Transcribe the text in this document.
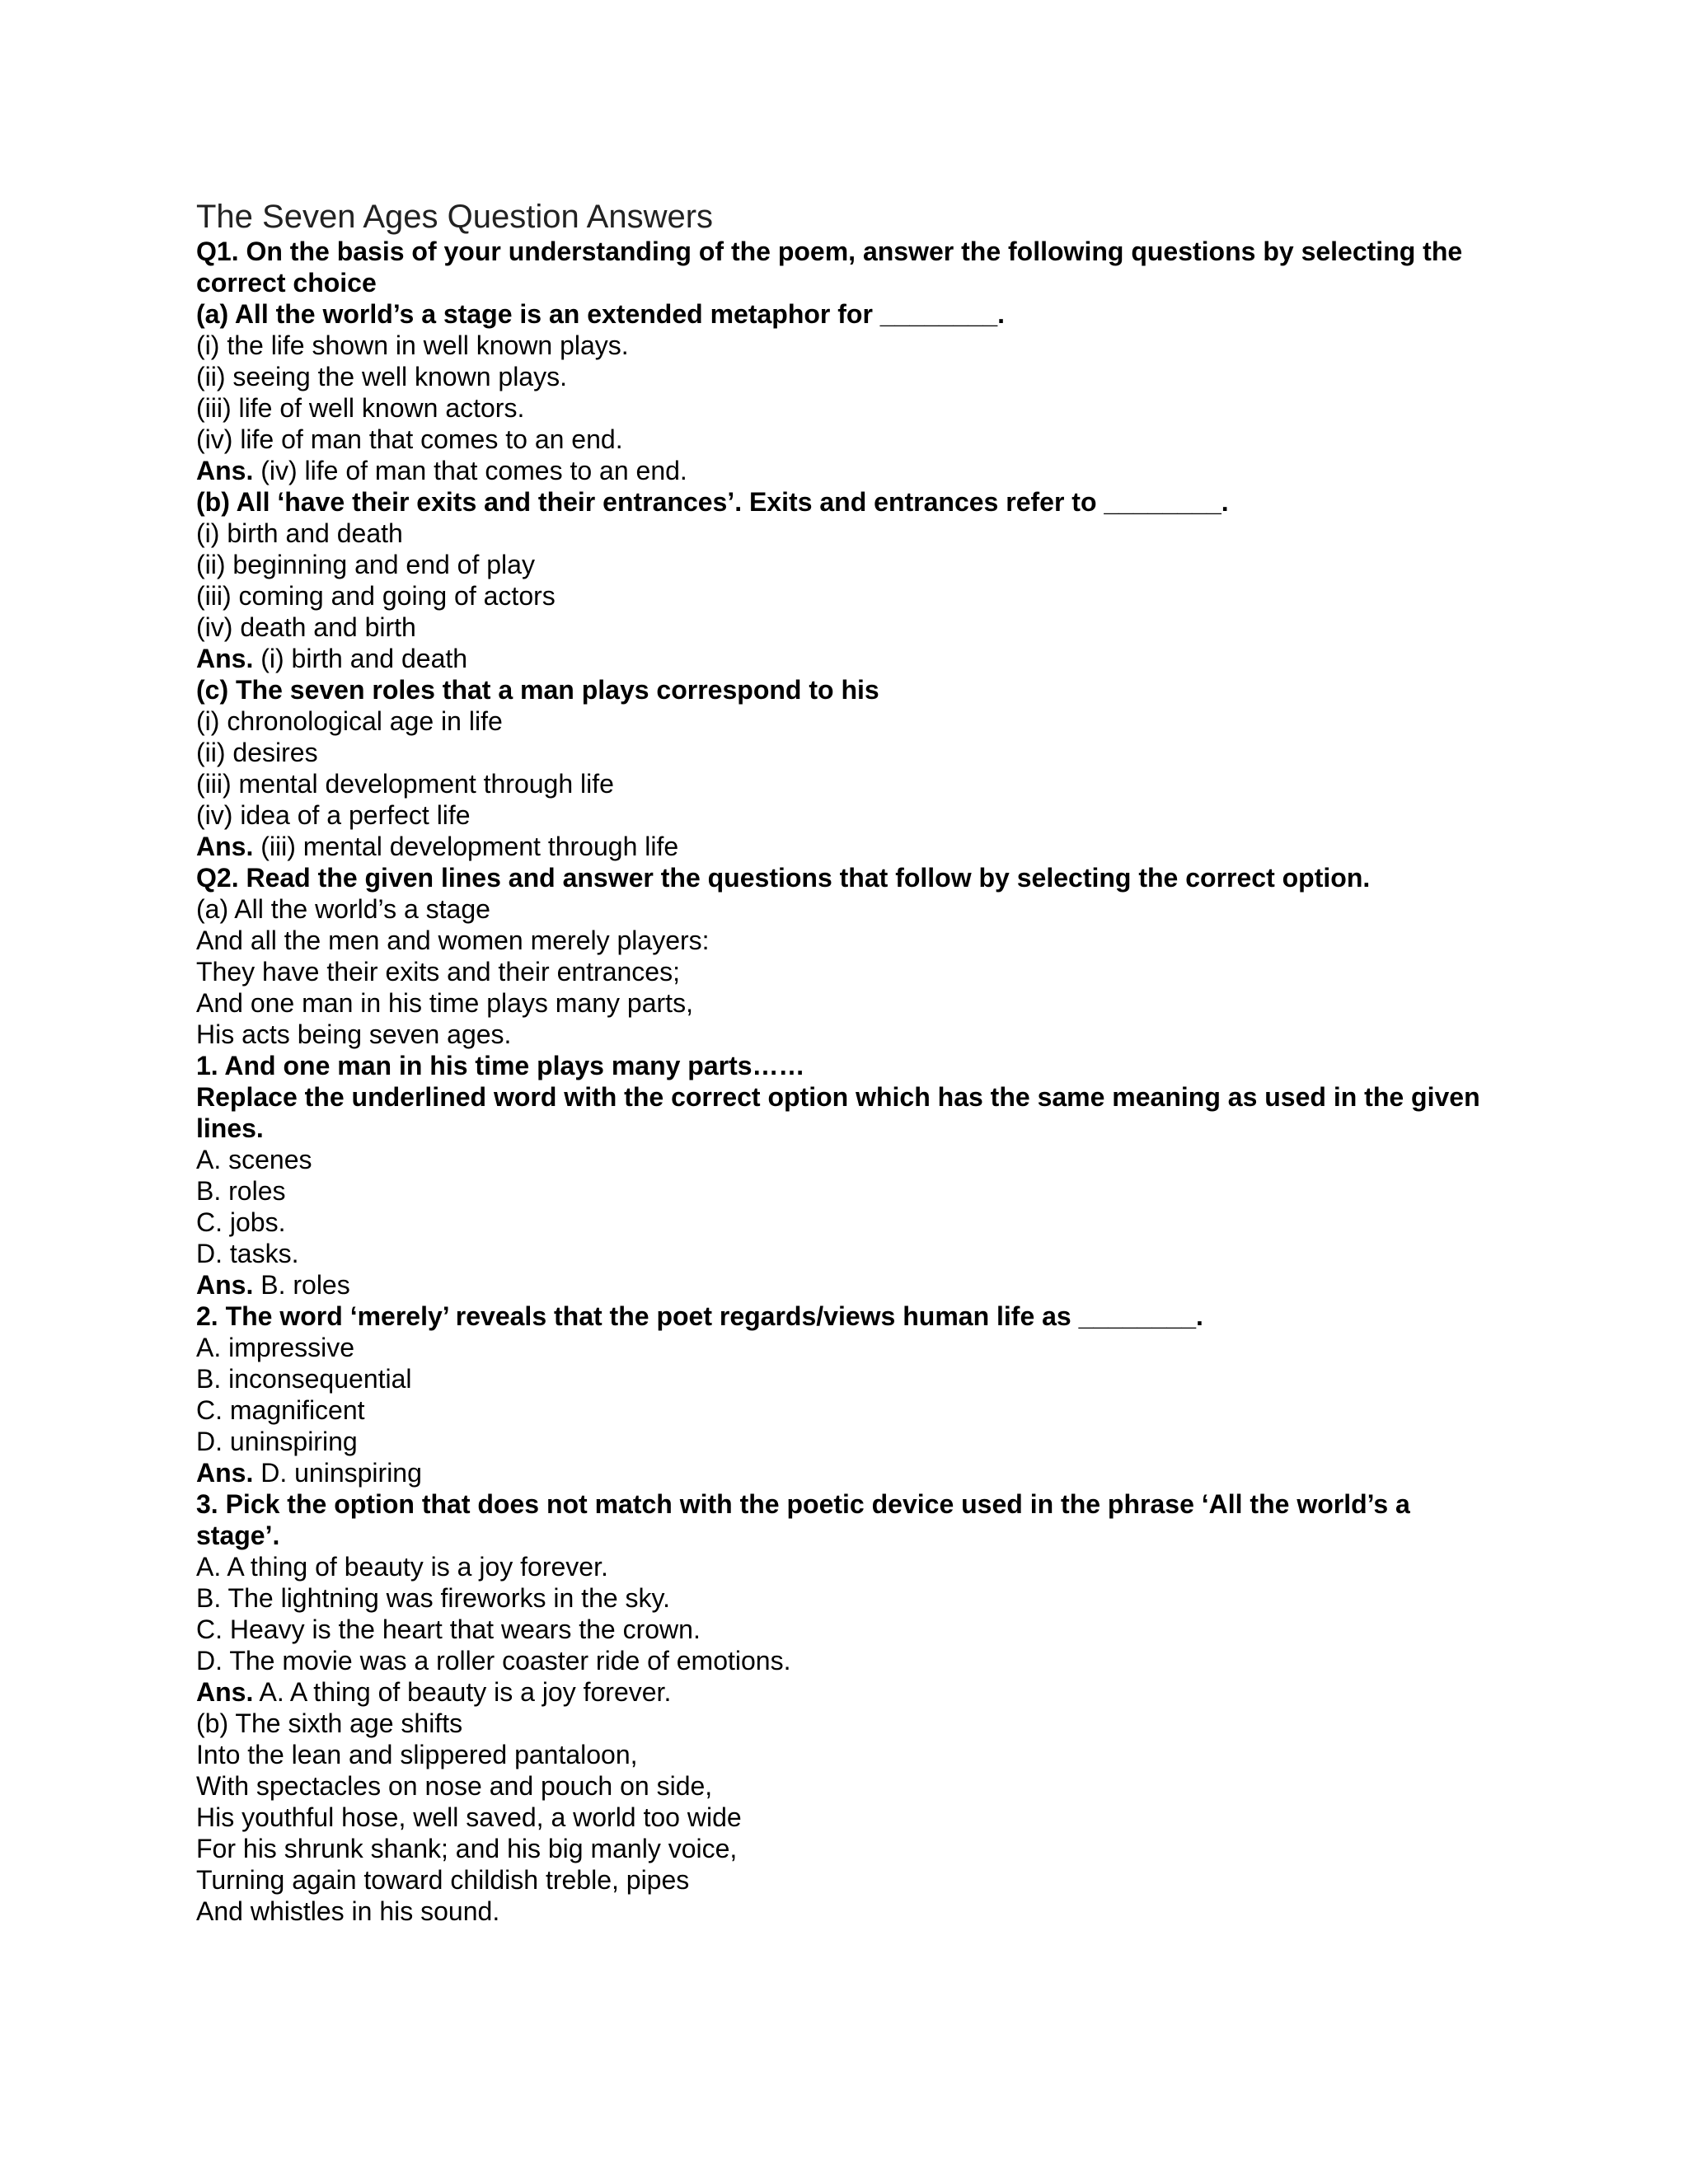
The Seven Ages Question Answers

Q1. On the basis of your understanding of the poem, answer the following questions by selecting the correct choice

(a) All the world’s a stage is an extended metaphor for ________.

(i) the life shown in well known plays.

(ii) seeing the well known plays.

(iii) life of well known actors.

(iv) life of man that comes to an end.

Ans. (iv) life of man that comes to an end.

(b) All ‘have their exits and their entrances’. Exits and entrances refer to ________.

(i) birth and death

(ii) beginning and end of play

(iii) coming and going of actors

(iv) death and birth

Ans. (i) birth and death

(c) The seven roles that a man plays correspond to his

(i) chronological age in life

(ii) desires

(iii) mental development through life

(iv) idea of a perfect life

Ans. (iii) mental development through life

Q2. Read the given lines and answer the questions that follow by selecting the correct option.

(a) All the world’s a stage

And all the men and women merely players:

They have their exits and their entrances;

And one man in his time plays many parts,

His acts being seven ages.

1. And one man in his time plays many parts……

Replace the underlined word with the correct option which has the same meaning as used in the given lines.

A. scenes

B. roles

C. jobs.

D. tasks.

Ans. B. roles

2. The word ‘merely’ reveals that the poet regards/views human life as ________.

A. impressive

B. inconsequential

C. magnificent

D. uninspiring

Ans. D. uninspiring

3. Pick the option that does not match with the poetic device used in the phrase ‘All the world’s a stage’.

A. A thing of beauty is a joy forever.

B. The lightning was fireworks in the sky.

C. Heavy is the heart that wears the crown.

D. The movie was a roller coaster ride of emotions.

Ans. A. A thing of beauty is a joy forever.

(b) The sixth age shifts

Into the lean and slippered pantaloon,

With spectacles on nose and pouch on side,

His youthful hose, well saved, a world too wide

For his shrunk shank; and his big manly voice,

Turning again toward childish treble, pipes

And whistles in his sound.
